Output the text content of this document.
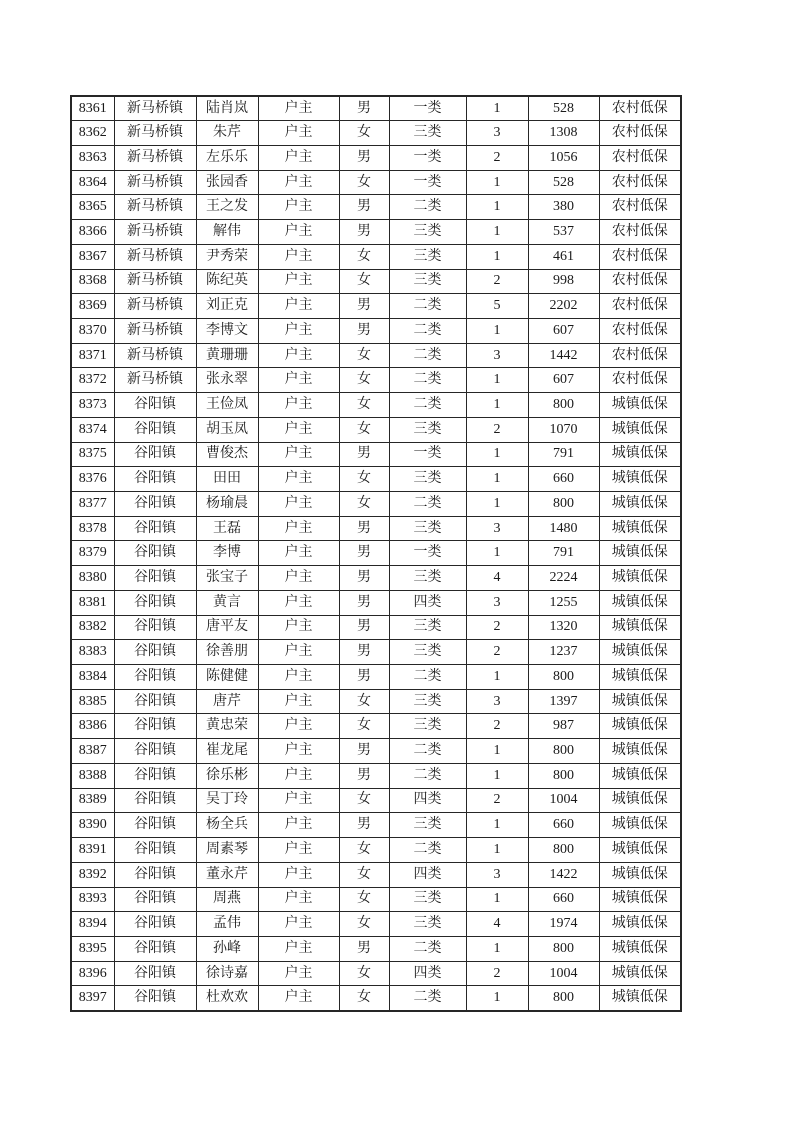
8361	新马桥镇	陆肖岚	户主	男	一类	1	528	农村低保
8362	新马桥镇	朱芹	户主	女	三类	3	1308	农村低保
8363	新马桥镇	左乐乐	户主	男	一类	2	1056	农村低保
8364	新马桥镇	张园香	户主	女	一类	1	528	农村低保
8365	新马桥镇	王之发	户主	男	二类	1	380	农村低保
8366	新马桥镇	解伟	户主	男	三类	1	537	农村低保
8367	新马桥镇	尹秀荣	户主	女	三类	1	461	农村低保
8368	新马桥镇	陈纪英	户主	女	三类	2	998	农村低保
8369	新马桥镇	刘正克	户主	男	二类	5	2202	农村低保
8370	新马桥镇	李博文	户主	男	二类	1	607	农村低保
8371	新马桥镇	黄珊珊	户主	女	二类	3	1442	农村低保
8372	新马桥镇	张永翠	户主	女	二类	1	607	农村低保
8373	谷阳镇	王俭凤	户主	女	二类	1	800	城镇低保
8374	谷阳镇	胡玉凤	户主	女	三类	2	1070	城镇低保
8375	谷阳镇	曹俊杰	户主	男	一类	1	791	城镇低保
8376	谷阳镇	田田	户主	女	三类	1	660	城镇低保
8377	谷阳镇	杨瑜晨	户主	女	二类	1	800	城镇低保
8378	谷阳镇	王磊	户主	男	三类	3	1480	城镇低保
8379	谷阳镇	李博	户主	男	一类	1	791	城镇低保
8380	谷阳镇	张宝子	户主	男	三类	4	2224	城镇低保
8381	谷阳镇	黄言	户主	男	四类	3	1255	城镇低保
8382	谷阳镇	唐平友	户主	男	三类	2	1320	城镇低保
8383	谷阳镇	徐善朋	户主	男	三类	2	1237	城镇低保
8384	谷阳镇	陈健健	户主	男	二类	1	800	城镇低保
8385	谷阳镇	唐芹	户主	女	三类	3	1397	城镇低保
8386	谷阳镇	黄忠荣	户主	女	三类	2	987	城镇低保
8387	谷阳镇	崔龙尾	户主	男	二类	1	800	城镇低保
8388	谷阳镇	徐乐彬	户主	男	二类	1	800	城镇低保
8389	谷阳镇	吴丁玲	户主	女	四类	2	1004	城镇低保
8390	谷阳镇	杨全兵	户主	男	三类	1	660	城镇低保
8391	谷阳镇	周素琴	户主	女	二类	1	800	城镇低保
8392	谷阳镇	董永芹	户主	女	四类	3	1422	城镇低保
8393	谷阳镇	周燕	户主	女	三类	1	660	城镇低保
8394	谷阳镇	孟伟	户主	女	三类	4	1974	城镇低保
8395	谷阳镇	孙峰	户主	男	二类	1	800	城镇低保
8396	谷阳镇	徐诗嘉	户主	女	四类	2	1004	城镇低保
8397	谷阳镇	杜欢欢	户主	女	二类	1	800	城镇低保
